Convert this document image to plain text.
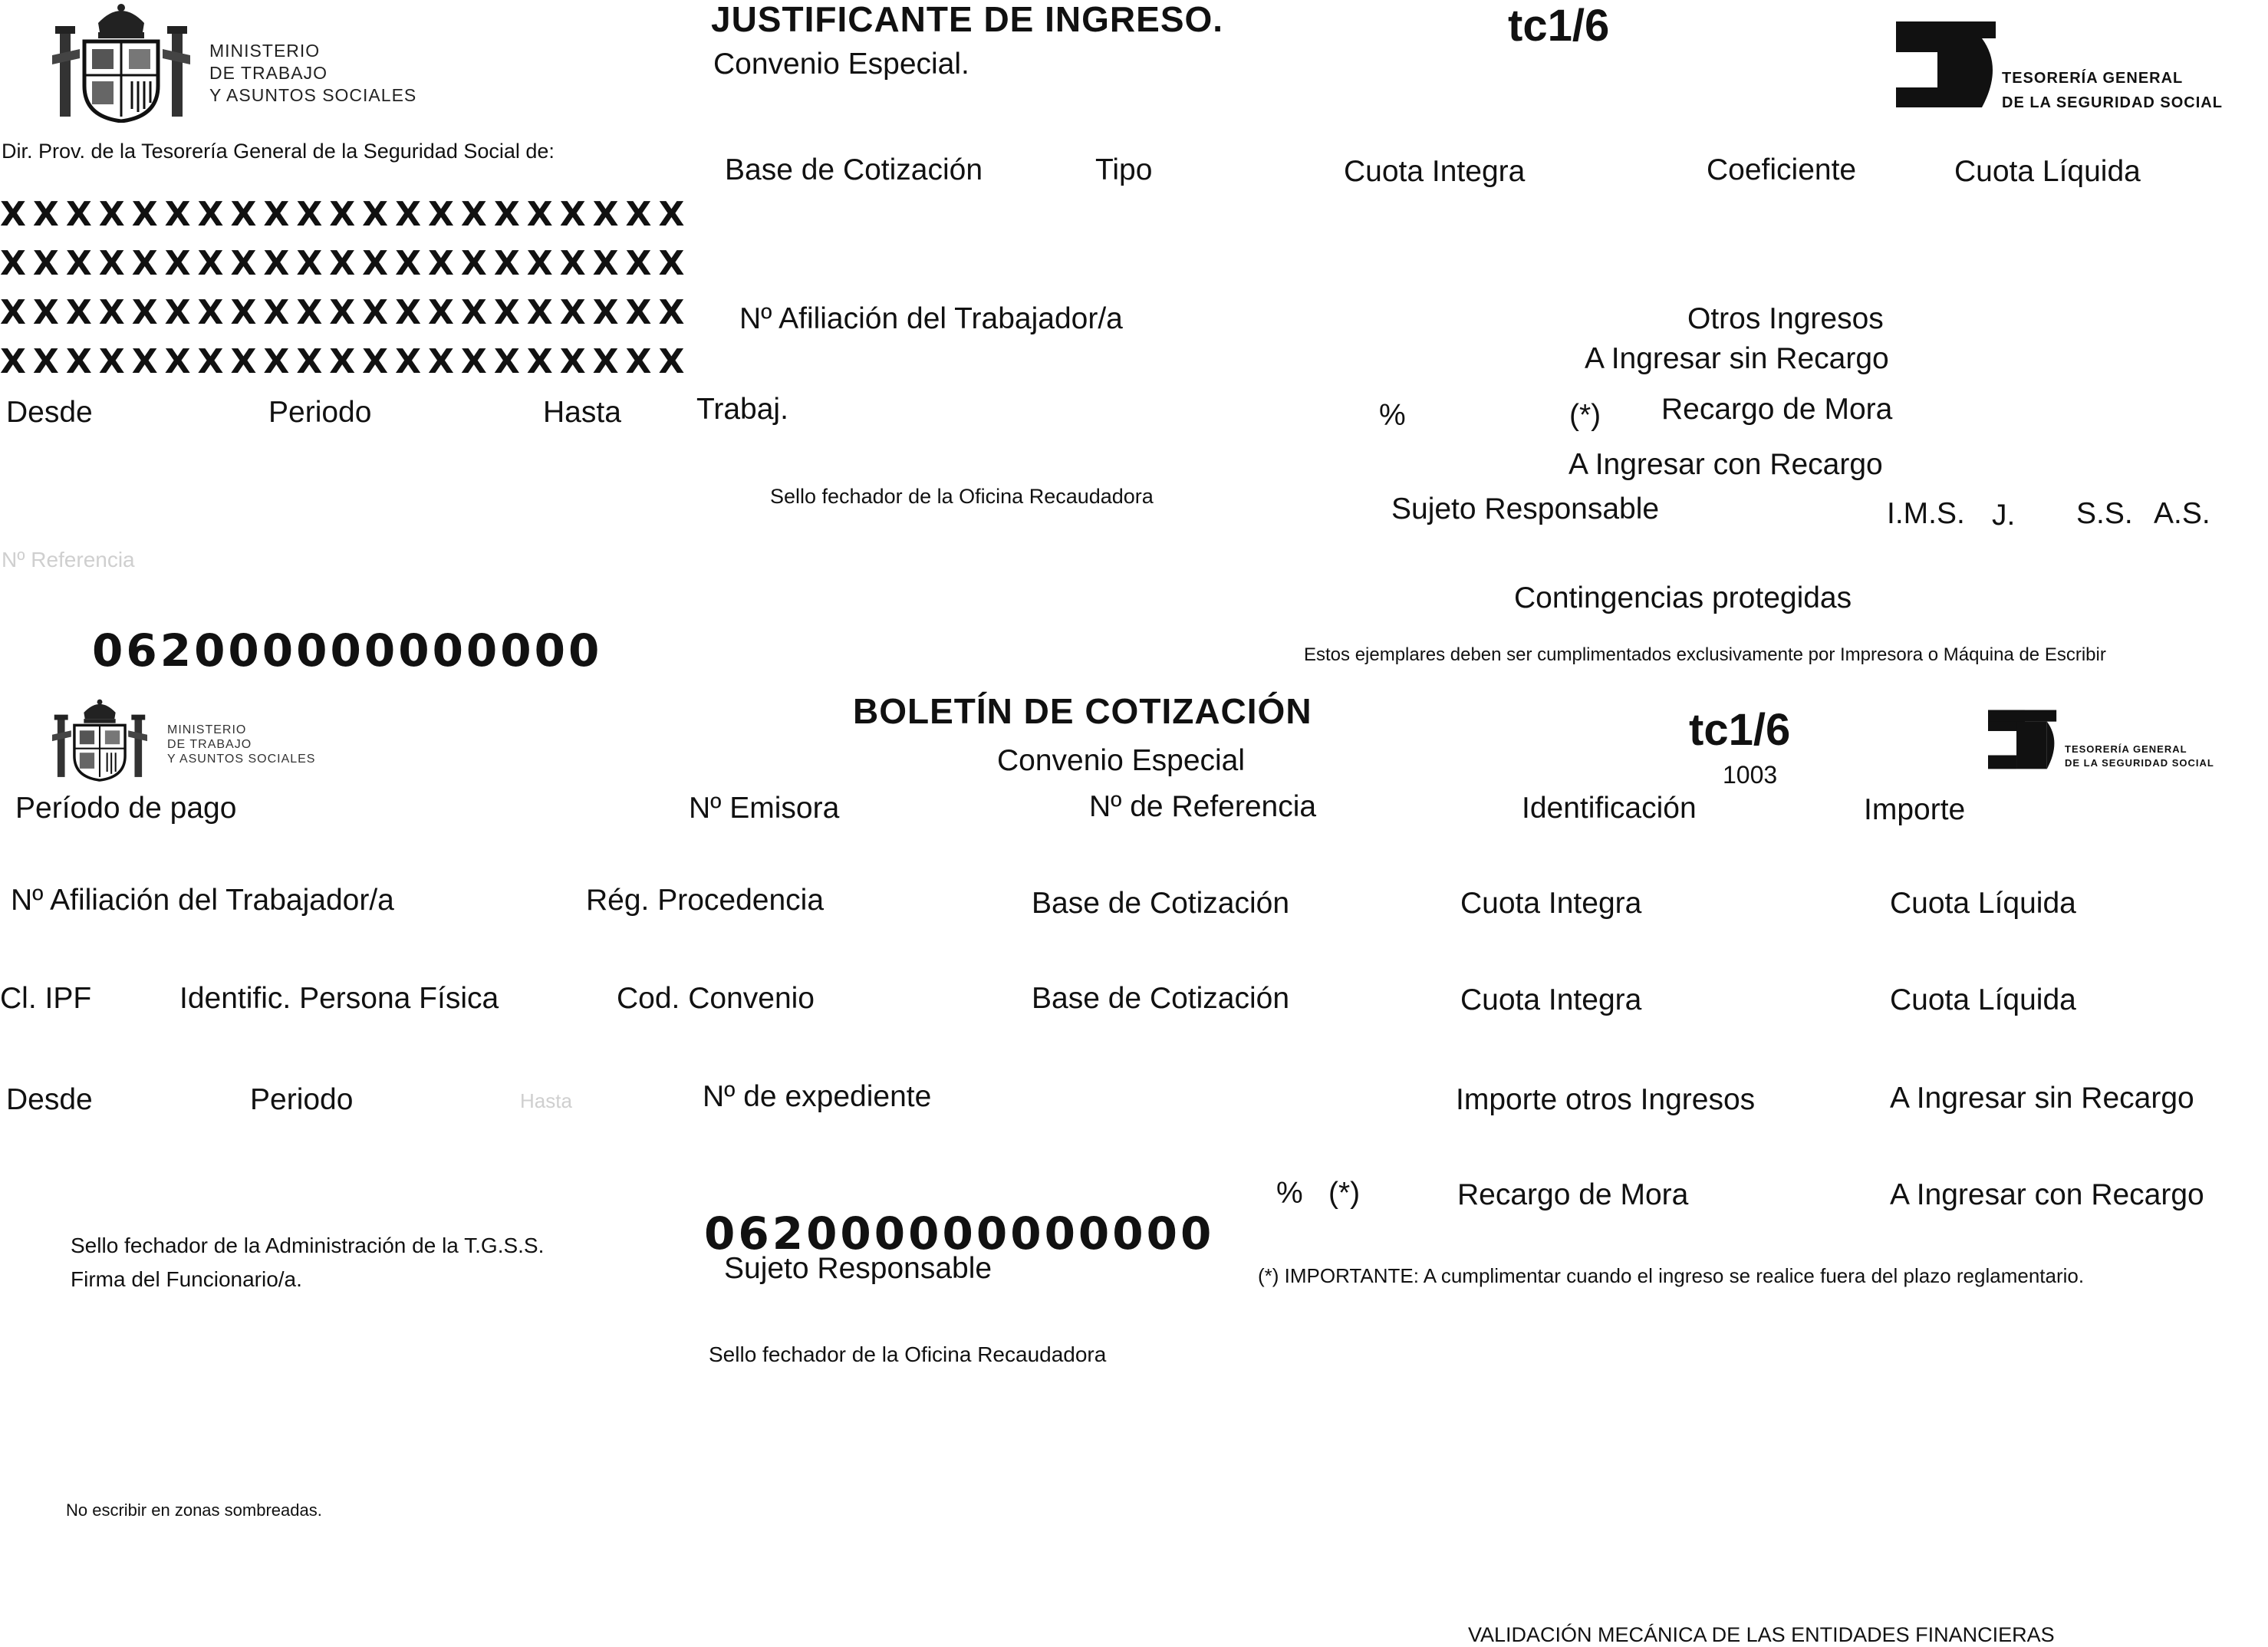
MINISTERIO
DE TRABAJO
Y ASUNTOS SOCIALES
JUSTIFICANTE DE INGRESO.
Convenio Especial.
tc1/6
TESORERÍA GENERAL
DE LA SEGURIDAD SOCIAL
Dir. Prov. de la Tesorería General de la Seguridad Social de:
XXXXXXXXXXXXXXXXXXXXX
XXXXXXXXXXXXXXXXXXXXX
XXXXXXXXXXXXXXXXXXXXX
XXXXXXXXXXXXXXXXXXXXX
Desde	Periodo	Hasta
Base de Cotización	Tipo	Cuota Integra	Coeficiente	Cuota Líquida
Nº Afiliación del Trabajador/a	Otros Ingresos
A Ingresar sin Recargo
Trabaj.	%	(*) Recargo de Mora
A Ingresar con Recargo
Sello fechador de la Oficina Recaudadora	Sujeto Responsable	I.M.S. J. S.S. A.S.
Nº Referencia
Contingencias protegidas
062000000000000	Estos ejemplares deben ser cumplimentados exclusivamente por Impresora o Máquina de Escribir
MINISTERIO
DE TRABAJO
Y ASUNTOS SOCIALES
BOLETÍN DE COTIZACIÓN
Convenio Especial
tc1/6
1003
TESORERÍA GENERAL
DE LA SEGURIDAD SOCIAL
Período de pago	Nº Emisora	Nº de Referencia	Identificación	Importe
Nº Afiliación del Trabajador/a	Rég. Procedencia	Base de Cotización	Cuota Integra	Cuota Líquida
Cl. IPF	Identific. Persona Física	Cod. Convenio	Base de Cotización	Cuota Integra	Cuota Líquida
Desde	Periodo	Hasta	Nº de expediente	Importe otros Ingresos	A Ingresar sin Recargo
% (*)	Recargo de Mora	A Ingresar con Recargo
Sello fechador de la Administración de la T.G.S.S.
Firma del Funcionario/a.
062000000000000
Sujeto Responsable	(*) IMPORTANTE: A cumplimentar cuando el ingreso se realice fuera del plazo reglamentario.
Sello fechador de la Oficina Recaudadora
No escribir en zonas sombreadas.
VALIDACIÓN MECÁNICA DE LAS ENTIDADES FINANCIERAS
